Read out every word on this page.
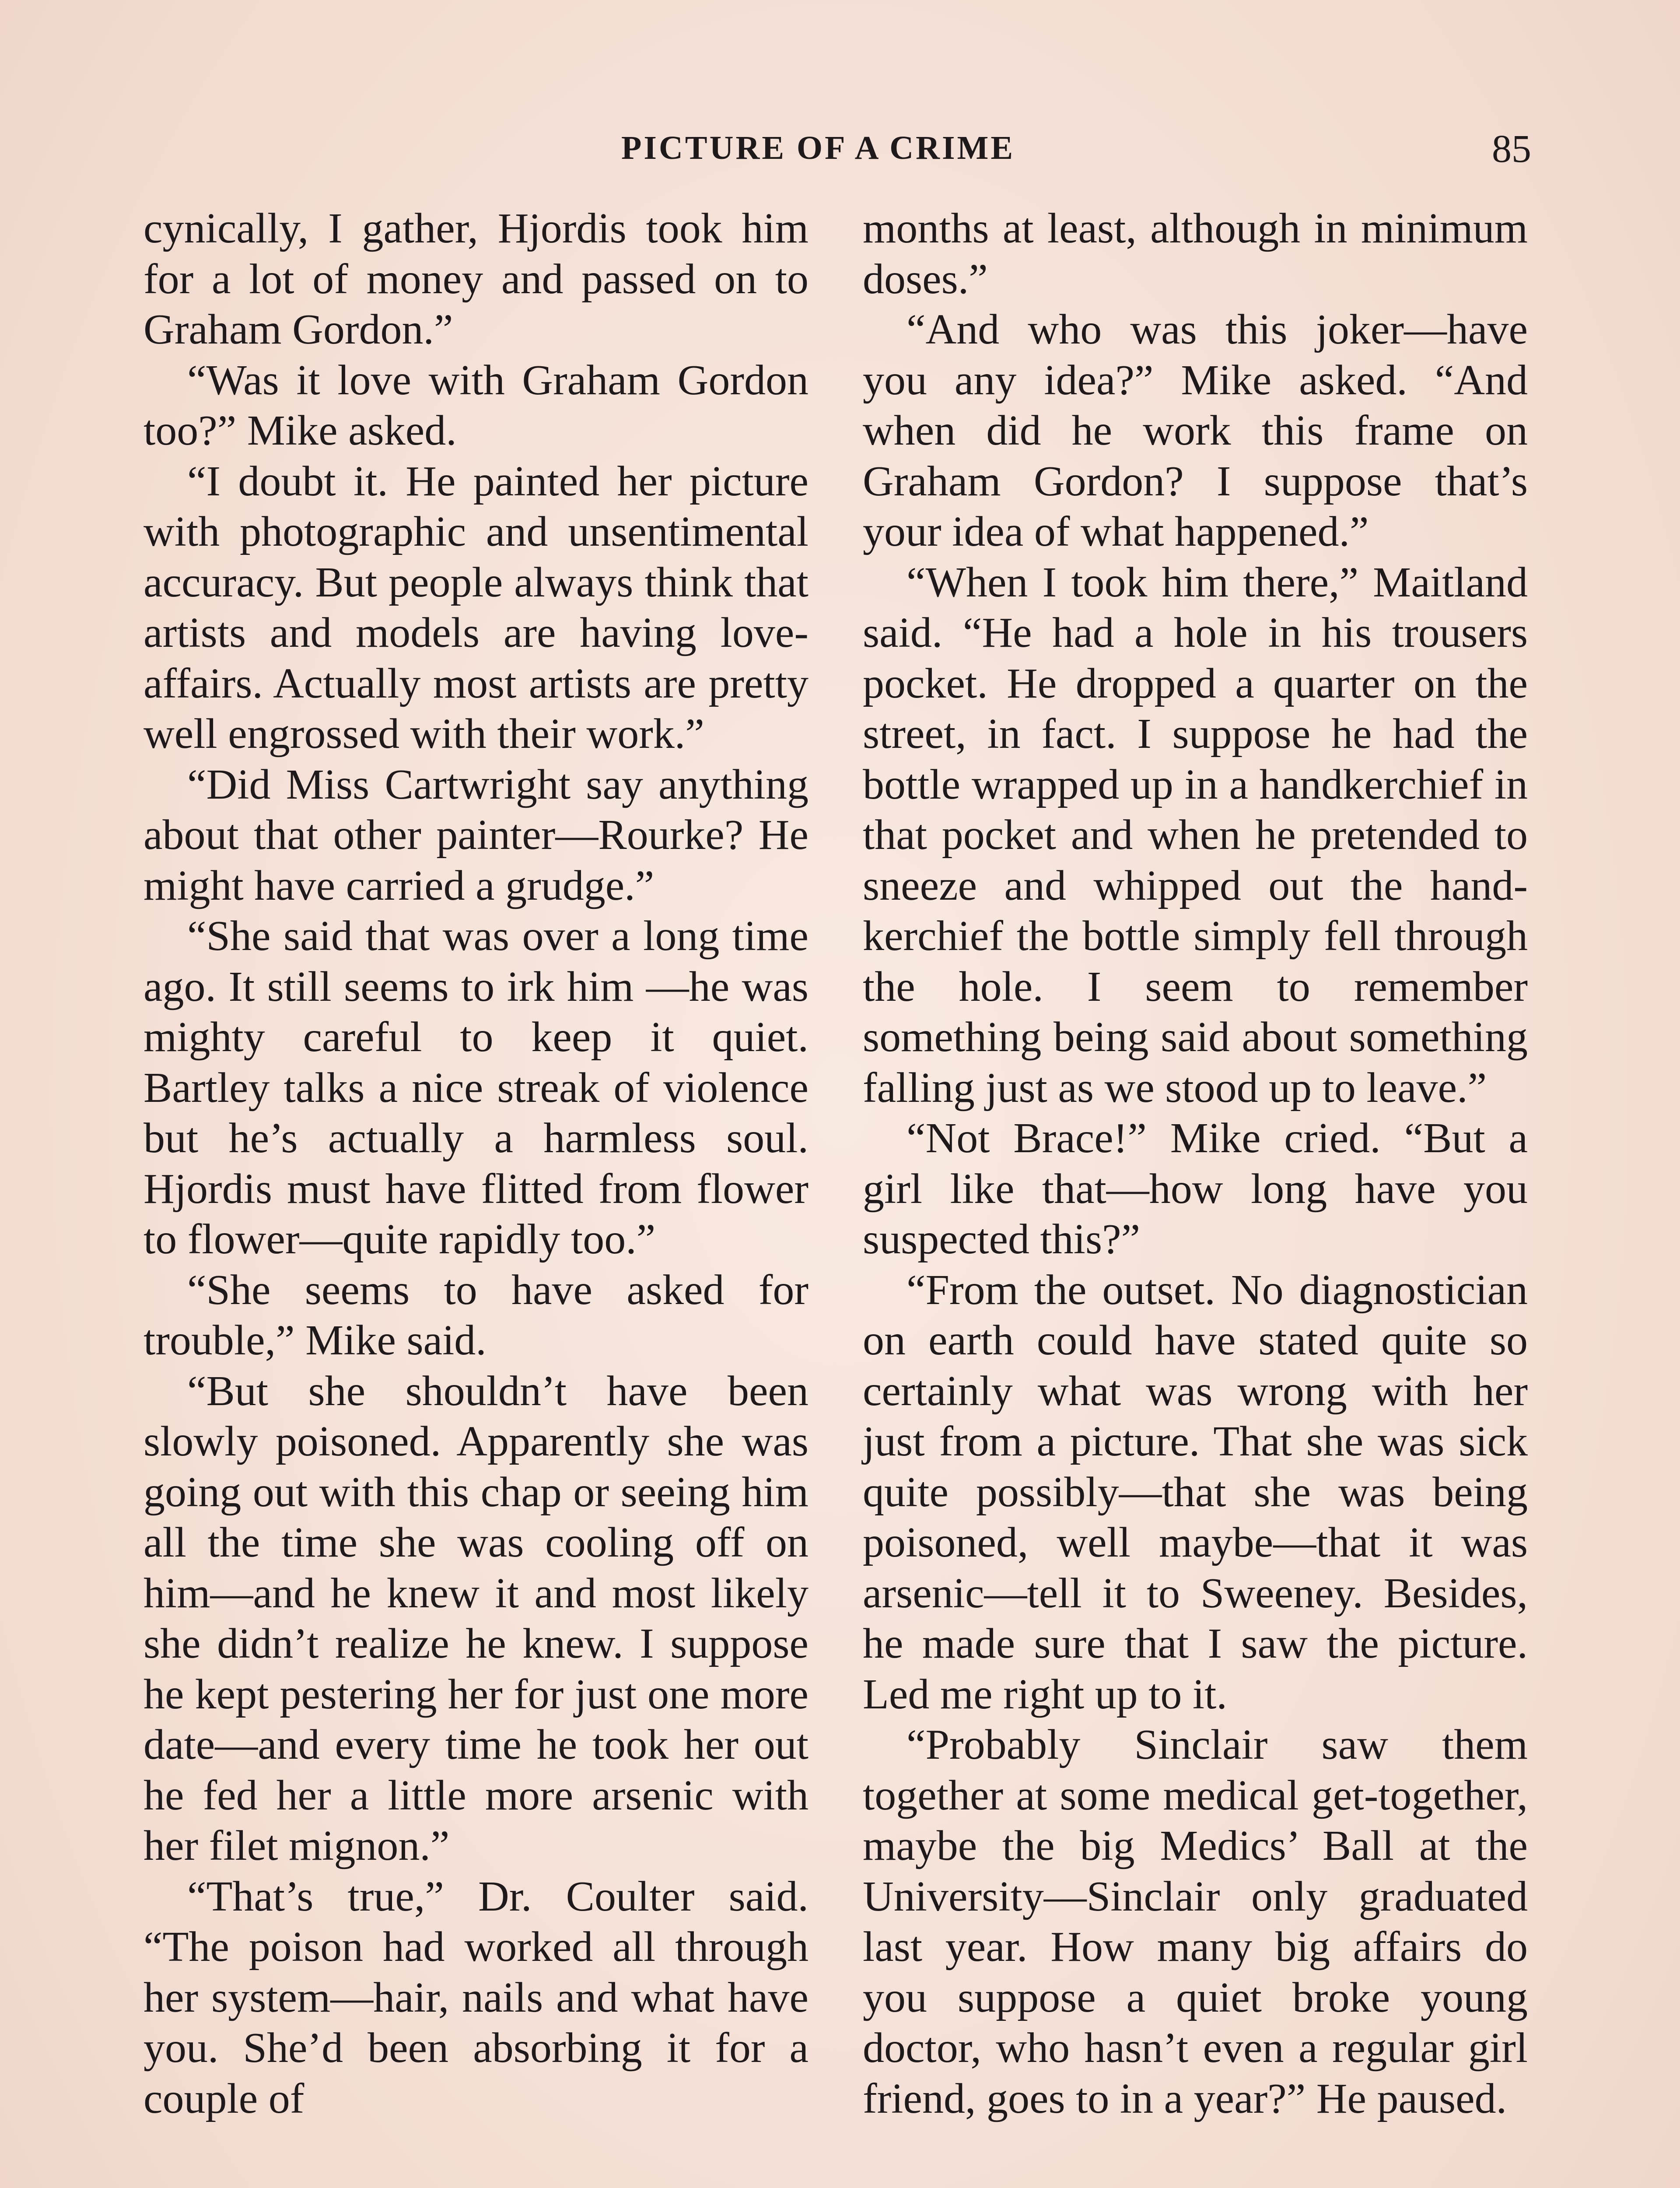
PICTURE OF A CRIME	85

cynically, I gather, Hjordis took him for a lot of money and passed on to Graham Gordon.”

“Was it love with Graham Gordon too?” Mike asked.

“I doubt it. He painted her picture with photographic and unsentimental accuracy. But people always think that artists and models are having love-affairs. Actually most artists are pretty well engrossed with their work.”

“Did Miss Cartwright say anything about that other painter—Rourke? He might have carried a grudge.”

“She said that was over a long time ago. It still seems to irk him —he was mighty careful to keep it quiet. Bartley talks a nice streak of violence but he’s actually a harmless soul. Hjordis must have flitted from flower to flower—quite rapidly too.”

“She seems to have asked for trouble,” Mike said.

“But she shouldn’t have been slowly poisoned. Apparently she was going out with this chap or seeing him all the time she was cooling off on him—and he knew it and most likely she didn’t realize he knew. I suppose he kept pestering her for just one more date—and every time he took her out he fed her a little more arsenic with her filet mignon.”

“That’s true,” Dr. Coulter said. “The poison had worked all through her system—hair, nails and what have you. She’d been absorbing it for a couple of

months at least, although in minimum doses.”

“And who was this joker—have you any idea?” Mike asked. “And when did he work this frame on Graham Gordon? I suppose that’s your idea of what happened.”

“When I took him there,” Maitland said. “He had a hole in his trousers pocket. He dropped a quarter on the street, in fact. I suppose he had the bottle wrapped up in a handkerchief in that pocket and when he pretended to sneeze and whipped out the handkerchief the bottle simply fell through the hole. I seem to remember something being said about something falling just as we stood up to leave.”

“Not Brace!” Mike cried. “But a girl like that—how long have you suspected this?”

“From the outset. No diagnostician on earth could have stated quite so certainly what was wrong with her just from a picture. That she was sick quite possibly—that she was being poisoned, well maybe—that it was arsenic—tell it to Sweeney. Besides, he made sure that I saw the picture. Led me right up to it.

“Probably Sinclair saw them together at some medical get-together, maybe the big Medics’ Ball at the University—Sinclair only graduated last year. How many big affairs do you suppose a quiet broke young doctor, who hasn’t even a regular girl friend, goes to in a year?” He paused.
